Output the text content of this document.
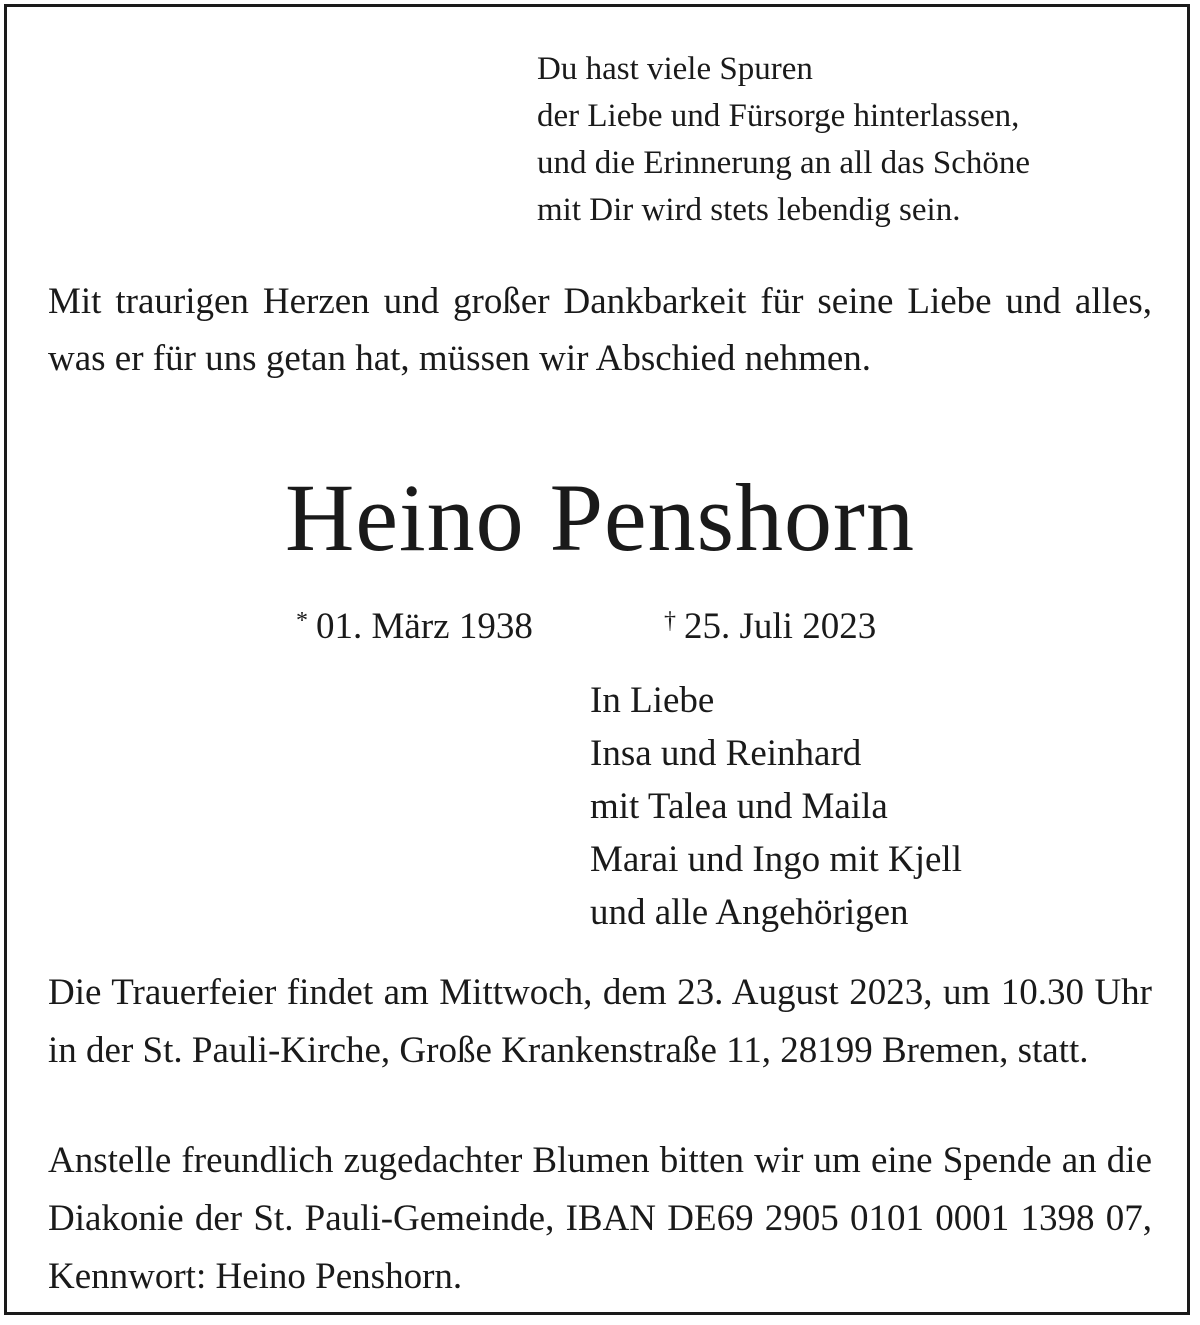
Du hast viele Spuren
der Liebe und Fürsorge hinterlassen,
und die Erinnerung an all das Schöne
mit Dir wird stets lebendig sein.
Mit traurigen Herzen und großer Dankbarkeit für seine Liebe und alles, was er für uns getan hat, müssen wir Abschied nehmen.
Heino Penshorn
* 01. März 1938	† 25. Juli 2023
In Liebe
Insa und Reinhard
mit Talea und Maila
Marai und Ingo mit Kjell
und alle Angehörigen
Die Trauerfeier findet am Mittwoch, dem 23. August 2023, um 10.30 Uhr in der St. Pauli-Kirche, Große Krankenstraße 11, 28199 Bremen, statt.
Anstelle freundlich zugedachter Blumen bitten wir um eine Spende an die Diakonie der St. Pauli-Gemeinde, IBAN DE69 2905 0101 0001 1398 07, Kennwort: Heino Penshorn.
